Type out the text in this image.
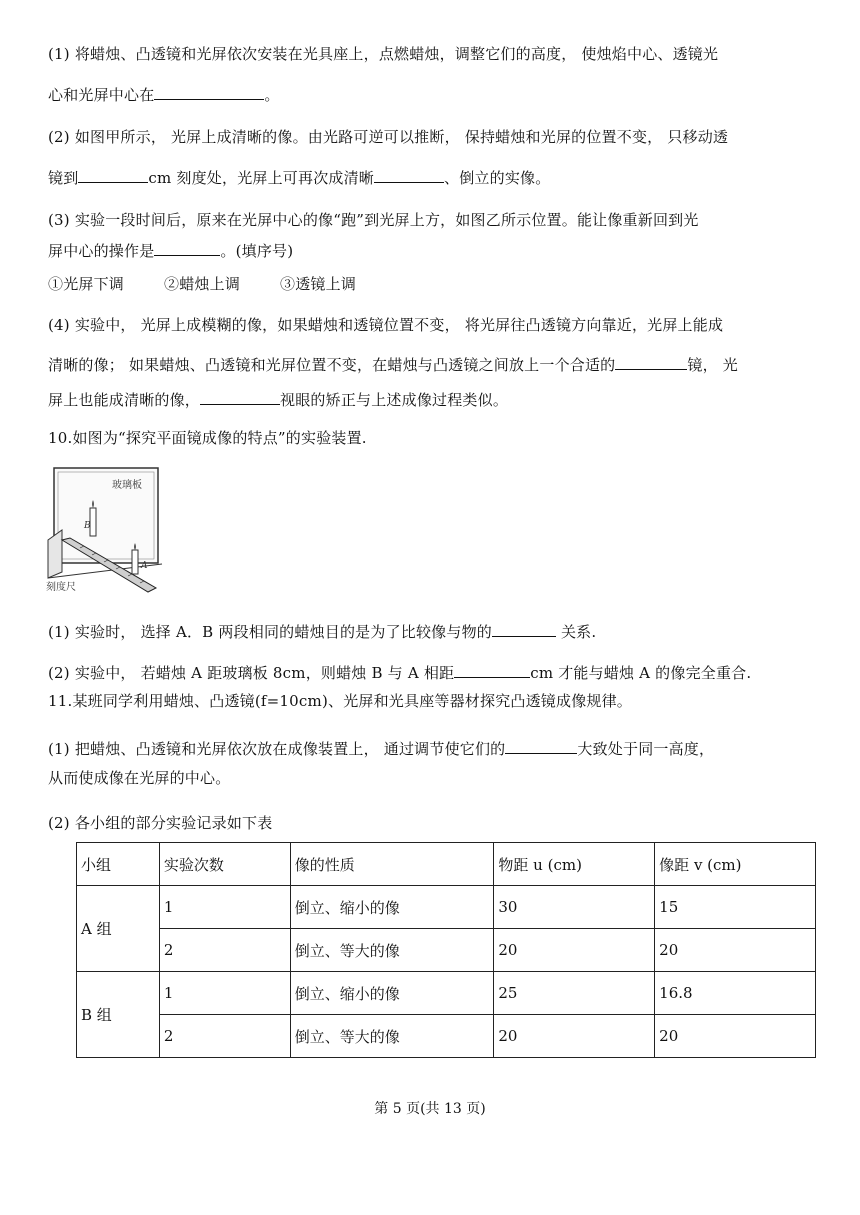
(1) 将蜡烛、凸透镜和光屏依次安装在光具座上，点燃蜡烛，调整它们的高度， 使烛焰中心、透镜光
心和光屏中心在	。
(2) 如图甲所示， 光屏上成清晰的像。由光路可逆可以推断， 保持蜡烛和光屏的位置不变， 只移动透
镜到	cm 刻度处，光屏上可再次成清晰	、倒立的实像。
(3) 实验一段时间后，原来在光屏中心的像“跑”到光屏上方，如图乙所示位置。能让像重新回到光
屏中心的操作是	。(填序号)
①光屏下调	②蜡烛上调	③透镜上调
(4) 实验中， 光屏上成模糊的像，如果蜡烛和透镜位置不变， 将光屏往凸透镜方向靠近，光屏上能成
清晰的像； 如果蜡烛、凸透镜和光屏位置不变，在蜡烛与凸透镜之间放上一个合适的	镜， 光
屏上也能成清晰的像，	视眼的矫正与上述成像过程类似。
10.如图为“探究平面镜成像的特点”的实验装置.
玻璃板
B
A
刻度尺
(1) 实验时， 选择 A．B 两段相同的蜡烛目的是为了比较像与物的	关系.
(2) 实验中， 若蜡烛 A 距玻璃板 8cm，则蜡烛 B 与 A 相距	cm 才能与蜡烛 A 的像完全重合.
11.某班同学利用蜡烛、凸透镜(f=10cm)、光屏和光具座等器材探究凸透镜成像规律。
(1) 把蜡烛、凸透镜和光屏依次放在成像装置上， 通过调节使它们的	大致处于同一高度，
从而使成像在光屏的中心。
(2) 各小组的部分实验记录如下表
小组	实验次数	像的性质	物距 u (cm)	像距 v (cm)
A 组	1	倒立、缩小的像	30	15
	2	倒立、等大的像	20	20
B 组	1	倒立、缩小的像	25	16.8
	2	倒立、等大的像	20	20
第 5 页(共 13 页)
